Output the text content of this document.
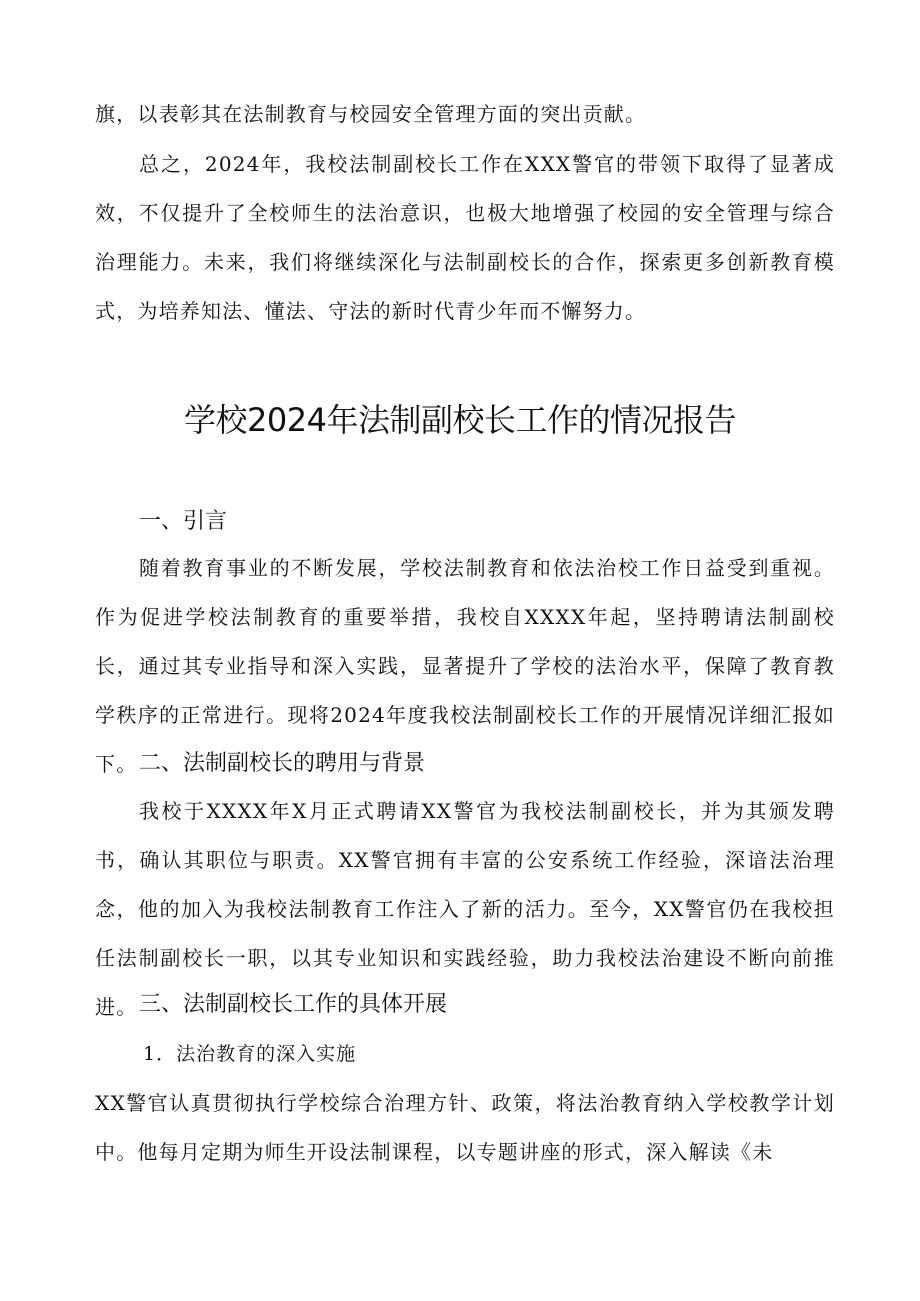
旗，以表彰其在法制教育与校园安全管理方面的突出贡献。

总之，2024年，我校法制副校长工作在XXX警官的带领下取得了显著成效，不仅提升了全校师生的法治意识，也极大地增强了校园的安全管理与综合治理能力。未来，我们将继续深化与法制副校长的合作，探索更多创新教育模式，为培养知法、懂法、守法的新时代青少年而不懈努力。

学校2024年法制副校长工作的情况报告
一、引言

随着教育事业的不断发展，学校法制教育和依法治校工作日益受到重视。作为促进学校法制教育的重要举措，我校自XXXX年起，坚持聘请法制副校长，通过其专业指导和深入实践，显著提升了学校的法治水平，保障了教育教学秩序的正常进行。现将2024年度我校法制副校长工作的开展情况详细汇报如下。 二、法制副校长的聘用与背景

我校于XXXX年X月正式聘请XX警官为我校法制副校长，并为其颁发聘书，确认其职位与职责。XX警官拥有丰富的公安系统工作经验，深谙法治理念，他的加入为我校法制教育工作注入了新的活力。至今，XX警官仍在我校担任法制副校长一职，以其专业知识和实践经验，助力我校法治建设不断向前推进。 三、法制副校长工作的具体开展

1．法治教育的深入实施

XX警官认真贯彻执行学校综合治理方针、政策，将法治教育纳入学校教学计划中。他每月定期为师生开设法制课程，以专题讲座的形式，深入解读《未
